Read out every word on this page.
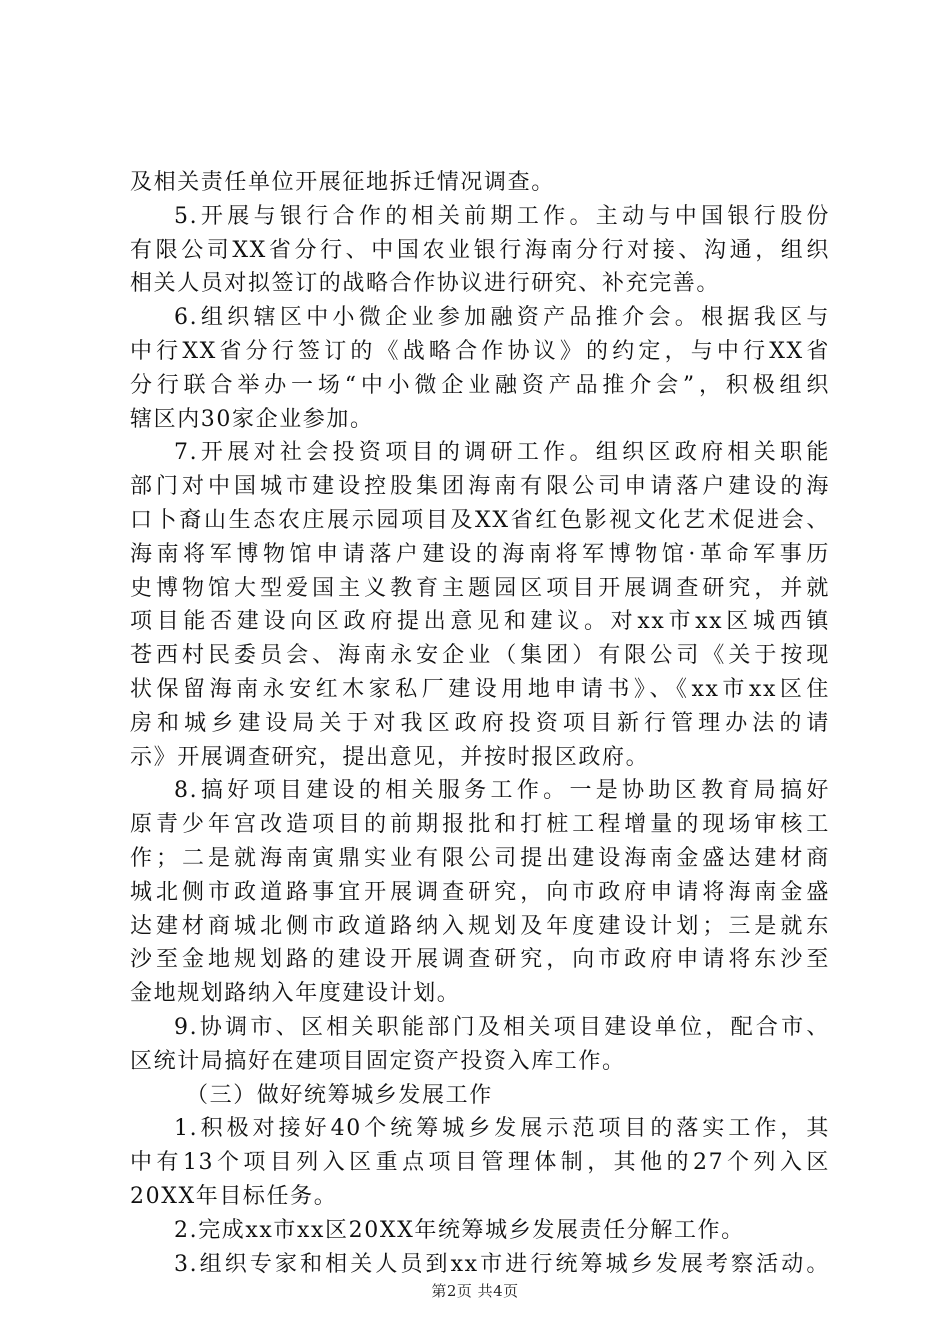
及相关责任单位开展征地拆迁情况调查。
5.开展与银行合作的相关前期工作。主动与中国银行股份
有限公司XX省分行、中国农业银行海南分行对接、沟通，组织
相关人员对拟签订的战略合作协议进行研究、补充完善。
6.组织辖区中小微企业参加融资产品推介会。根据我区与
中行XX省分行签订的《战略合作协议》的约定，与中行XX省
分行联合举办一场“中小微企业融资产品推介会”，积极组织
辖区内30家企业参加。
7.开展对社会投资项目的调研工作。组织区政府相关职能
部门对中国城市建设控股集团海南有限公司申请落户建设的海
口卜裔山生态农庄展示园项目及XX省红色影视文化艺术促进会、
海南将军博物馆申请落户建设的海南将军博物馆·革命军事历
史博物馆大型爱国主义教育主题园区项目开展调查研究，并就
项目能否建设向区政府提出意见和建议。对xx市xx区城西镇
苍西村民委员会、海南永安企业（集团）有限公司《关于按现
状保留海南永安红木家私厂建设用地申请书》、《xx市xx区住
房和城乡建设局关于对我区政府投资项目新行管理办法的请
示》开展调查研究，提出意见，并按时报区政府。
8.搞好项目建设的相关服务工作。一是协助区教育局搞好
原青少年宫改造项目的前期报批和打桩工程增量的现场审核工
作；二是就海南寅鼎实业有限公司提出建设海南金盛达建材商
城北侧市政道路事宜开展调查研究，向市政府申请将海南金盛
达建材商城北侧市政道路纳入规划及年度建设计划；三是就东
沙至金地规划路的建设开展调查研究，向市政府申请将东沙至
金地规划路纳入年度建设计划。
9.协调市、区相关职能部门及相关项目建设单位，配合市、
区统计局搞好在建项目固定资产投资入库工作。
（三）做好统筹城乡发展工作
1.积极对接好40个统筹城乡发展示范项目的落实工作，其
中有13个项目列入区重点项目管理体制，其他的27个列入区
20XX年目标任务。
2.完成xx市xx区20XX年统筹城乡发展责任分解工作。
3.组织专家和相关人员到xx市进行统筹城乡发展考察活动。
第2页 共4页
